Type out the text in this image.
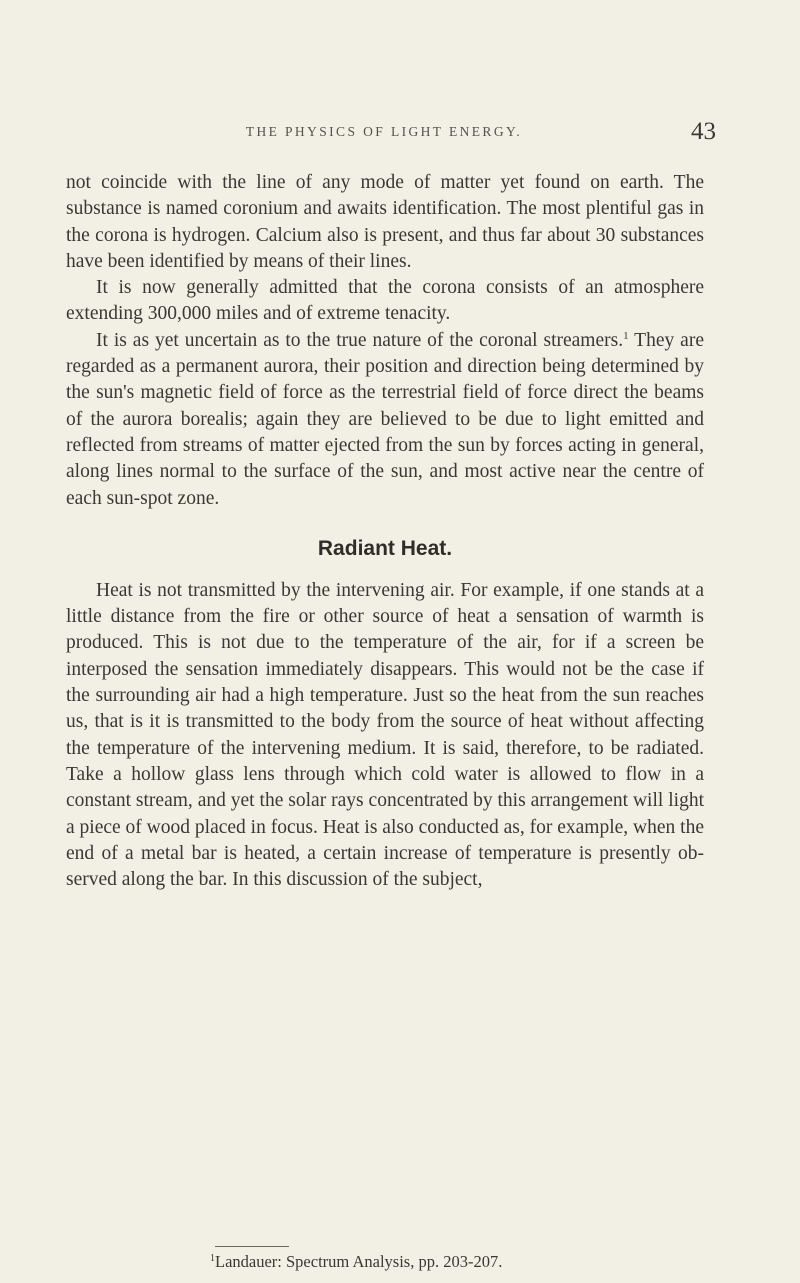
THE PHYSICS OF LIGHT ENERGY.	43

not coincide with the line of any mode of matter yet found on earth. The substance is named coronium and awaits identification. The most plentiful gas in the corona is hydrogen. Calcium also is present, and thus far about 30 substances have been identified by means of their lines.

It is now generally admitted that the corona consists of an atmosphere extending 300,000 miles and of extreme tenacity.

It is as yet uncertain as to the true nature of the coronal streamers.$^1$ They are regarded as a permanent aurora, their position and direction being determined by the sun's magnetic field of force as the terrestrial field of force direct the beams of the aurora borealis; again they are believed to be due to light emitted and reflected from streams of matter ejected from the sun by forces acting in general, along lines normal to the surface of the sun, and most active near the centre of each sun-spot zone.

Radiant Heat.

Heat is not transmitted by the intervening air. For example, if one stands at a little distance from the fire or other source of heat a sensation of warmth is produced. This is not due to the temperature of the air, for if a screen be interposed the sensation immediately disappears. This would not be the case if the surrounding air had a high temperature. Just so the heat from the sun reaches us, that is it is transmitted to the body from the source of heat without affecting the temperature of the intervening medium. It is said, therefore, to be radiated. Take a hollow glass lens through which cold water is allowed to flow in a constant stream, and yet the solar rays concentrated by this arrangement will light a piece of wood placed in focus. Heat is also conducted as, for example, when the end of a metal bar is heated, a certain increase of temperature is presently observed along the bar. In this discussion of the subject,

$^1$Landauer: Spectrum Analysis, pp. 203-207.
